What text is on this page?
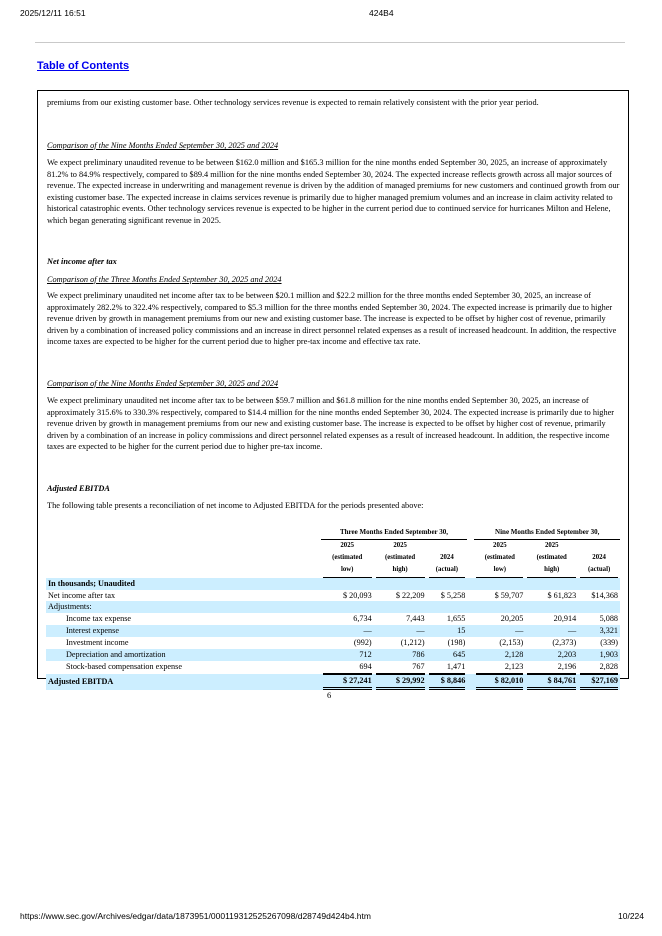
2025/12/11 16:51	424B4
Table of Contents

premiums from our existing customer base. Other technology services revenue is expected to remain relatively consistent with the prior year period.

Comparison of the Nine Months Ended September 30, 2025 and 2024

We expect preliminary unaudited revenue to be between $162.0 million and $165.3 million for the nine months ended September 30, 2025, an increase of approximately 81.2% to 84.9% respectively, compared to $89.4 million for the nine months ended September 30, 2024. The expected increase reflects growth across all major sources of revenue. The expected increase in underwriting and management revenue is driven by the addition of managed premiums for new customers and continued growth from our existing customer base. The expected increase in claims services revenue is primarily due to higher managed premium volumes and an increase in claim activity related to historical catastrophic events. Other technology services revenue is expected to be higher in the current period due to continued service for hurricanes Milton and Helene, which began generating significant revenue in 2025.

Net income after tax
Comparison of the Three Months Ended September 30, 2025 and 2024

We expect preliminary unaudited net income after tax to be between $20.1 million and $22.2 million for the three months ended September 30, 2025, an increase of approximately 282.2% to 322.4% respectively, compared to $5.3 million for the three months ended September 30, 2024. The expected increase is primarily due to higher revenue driven by growth in management premiums from our new and existing customer base. The increase is expected to be offset by higher cost of revenue, primarily driven by a combination of increased policy commissions and an increase in direct personnel related expenses as a result of increased headcount. In addition, the respective income taxes are expected to be higher for the current period due to higher pre-tax income and effective tax rate.

Comparison of the Nine Months Ended September 30, 2025 and 2024

We expect preliminary unaudited net income after tax to be between $59.7 million and $61.8 million for the nine months ended September 30, 2025, an increase of approximately 315.6% to 330.3% respectively, compared to $14.4 million for the nine months ended September 30, 2024. The expected increase is primarily due to higher revenue driven by growth in management premiums from our new and existing customer base. The increase is expected to be offset by higher cost of revenue, primarily driven by a combination of an increase in policy commissions and direct personnel related expenses as a result of increased headcount. In addition, the respective income taxes are expected to be higher for the current period due to higher pre-tax income.

Adjusted EBITDA

The following table presents a reconciliation of net income to Adjusted EBITDA for the periods presented above:

	Three Months Ended September 30,				Nine Months Ended September 30,		

	2025
(estimated
low)	2025
(estimated
high)	2024
(actual)		2025
(estimated
low)	2025
(estimated
high)	2024
(actual)

In thousands; Unaudited							
Net income after tax	$ 20,093	$ 22,209	$ 5,258		$ 59,707	$ 61,823	$14,368
Adjustments:							
Income tax expense	6,734	7,443	1,655		20,205	20,914	5,088
Interest expense	—	—	15		—	—	3,321
Investment income	(992)	(1,212)	(198)		(2,153)	(2,373)	(339)
Depreciation and amortization	712	786	645		2,128	2,203	1,903
Stock-based compensation expense	694	767	1,471		2,123	2,196	2,828
Adjusted EBITDA	$ 27,241	$ 29,992	$ 8,846		$ 82,010	$ 84,761	$27,169
6
https://www.sec.gov/Archives/edgar/data/1873951/000119312525267098/d28749d424b4.htm	10/224
